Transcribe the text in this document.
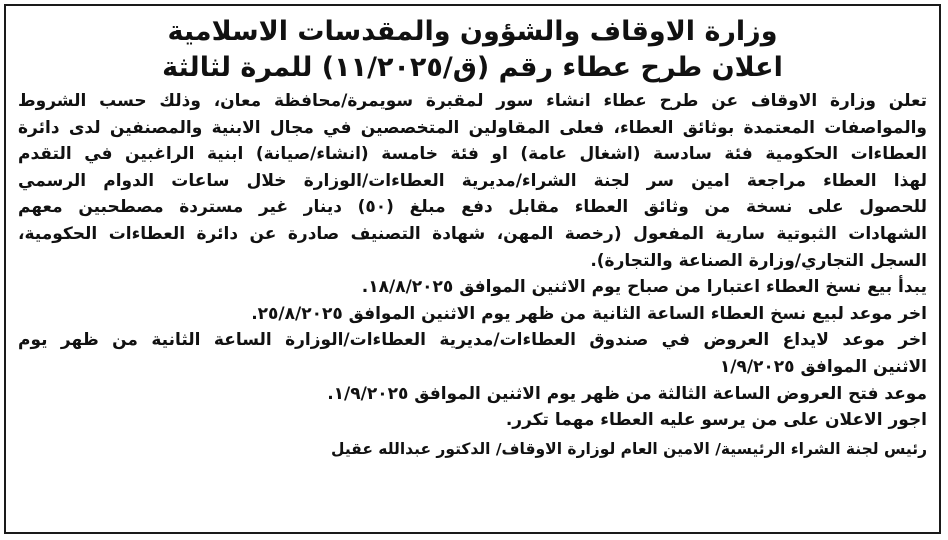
وزارة الاوقاف والشؤون والمقدسات الاسلامية
اعلان طرح عطاء رقم (ق/١١/٢٠٢٥) للمرة لثالثة
تعلن وزارة الاوقاف عن طرح عطاء انشاء سور لمقبرة سويمرة/محافظة معان، وذلك حسب الشروط
والمواصفات المعتمدة بوثائق العطاء، فعلى المقاولين المتخصصين في مجال الابنية والمصنفين لدى دائرة
العطاءات الحكومية فئة سادسة (اشغال عامة) او فئة خامسة (انشاء/صيانة) ابنية الراغبين في التقدم
لهذا العطاء مراجعة امين سر لجنة الشراء/مديرية العطاءات/الوزارة خلال ساعات الدوام الرسمي
للحصول على نسخة من وثائق العطاء مقابل دفع مبلغ (٥٠) دينار غير مستردة مصطحبين معهم
الشهادات الثبوتية سارية المفعول (رخصة المهن، شهادة التصنيف صادرة عن دائرة العطاءات الحكومية،
السجل التجاري/وزارة الصناعة والتجارة).
يبدأ بيع نسخ العطاء اعتبارا من صباح يوم الاثنين الموافق ١٨/٨/٢٠٢٥.
اخر موعد لبيع نسخ العطاء الساعة الثانية من ظهر يوم الاثنين الموافق ٢٥/٨/٢٠٢٥.
اخر موعد لايداع العروض في صندوق العطاءات/مديرية العطاءات/الوزارة الساعة الثانية من ظهر يوم
الاثنين الموافق ١/٩/٢٠٢٥
موعد فتح العروض الساعة الثالثة من ظهر يوم الاثنين الموافق ١/٩/٢٠٢٥.
اجور الاعلان على من يرسو عليه العطاء مهما تكرر.
رئيس لجنة الشراء الرئيسية/ الامين العام لوزارة الاوقاف/ الدكتور عبدالله عقيل
